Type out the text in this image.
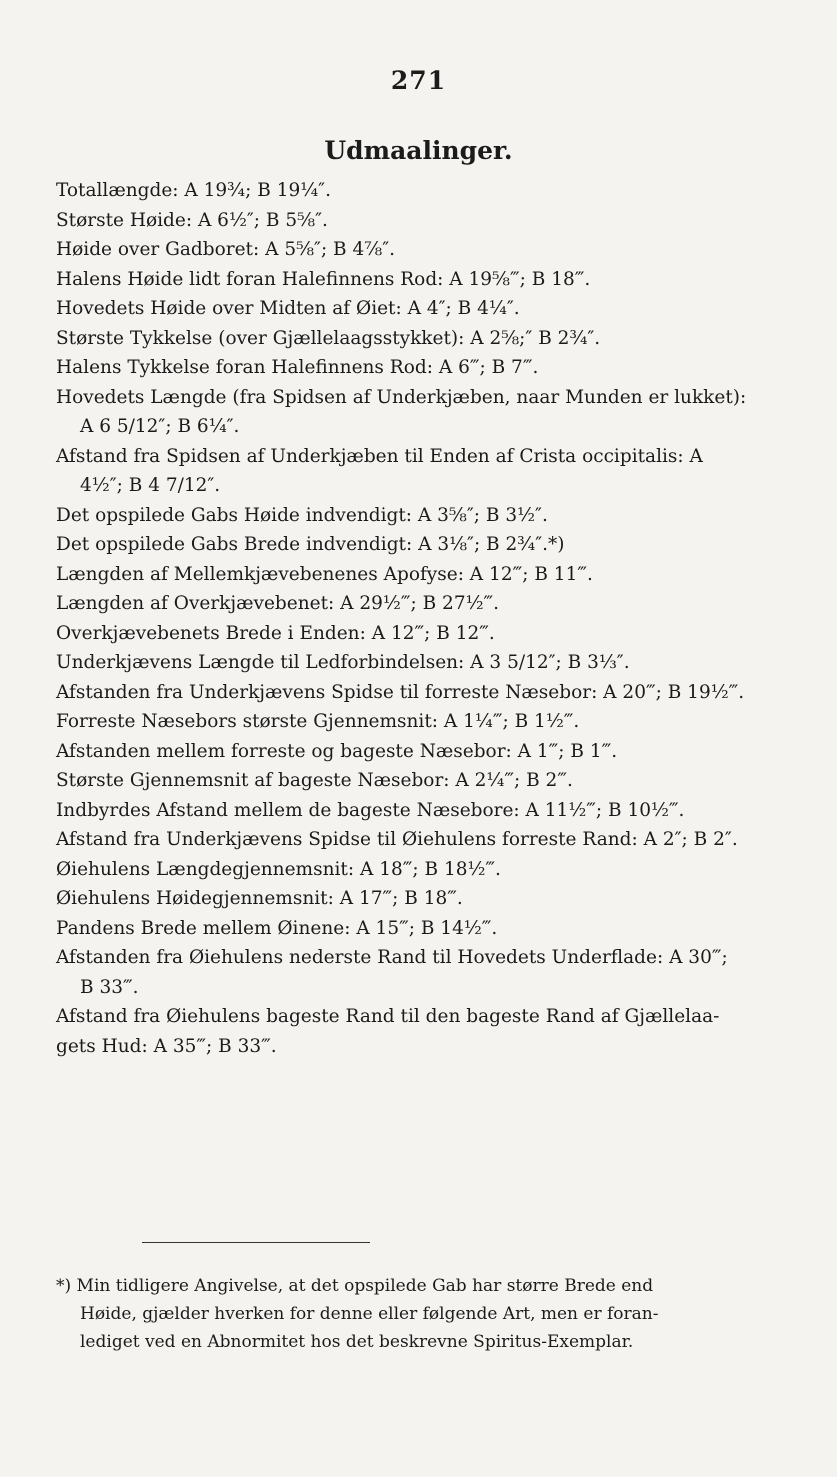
271
Udmaalinger.
Totallængde: A 19¾; B 19¼″.
Største Høide: A 6½″; B 5⅝″.
Høide over Gadboret: A 5⅝″; B 4⅞″.
Halens Høide lidt foran Halefinnens Rod: A 19⅝‴; B 18‴.
Hovedets Høide over Midten af Øiet: A 4″; B 4¼″.
Største Tykkelse (over Gjællelaagsstykket): A 2⅝;″ B 2¾″.
Halens Tykkelse foran Halefinnens Rod: A 6‴; B 7‴.
Hovedets Længde (fra Spidsen af Underkjæben, naar Munden er lukket):
A 6 5/12″; B 6¼″.
Afstand fra Spidsen af Underkjæben til Enden af Crista occipitalis: A
4½″; B 4 7/12″.
Det opspilede Gabs Høide indvendigt: A 3⅝″; B 3½″.
Det opspilede Gabs Brede indvendigt: A 3⅛″; B 2¾″.*)
Længden af Mellemkjævebenenes Apofyse: A 12‴; B 11‴.
Længden af Overkjævebenet: A 29½‴; B 27½‴.
Overkjævebenets Brede i Enden: A 12‴; B 12‴.
Underkjævens Længde til Ledforbindelsen: A 3 5/12″; B 3⅓″.
Afstanden fra Underkjævens Spidse til forreste Næsebor: A 20‴; B 19½‴.
Forreste Næsebors største Gjennemsnit: A 1¼‴; B 1½‴.
Afstanden mellem forreste og bageste Næsebor: A 1‴; B 1‴.
Største Gjennemsnit af bageste Næsebor: A 2¼‴; B 2‴.
Indbyrdes Afstand mellem de bageste Næsebore: A 11½‴; B 10½‴.
Afstand fra Underkjævens Spidse til Øiehulens forreste Rand: A 2″; B 2″.
Øiehulens Længdegjennemsnit: A 18‴; B 18½‴.
Øiehulens Høidegjennemsnit: A 17‴; B 18‴.
Pandens Brede mellem Øinene: A 15‴; B 14½‴.
Afstanden fra Øiehulens nederste Rand til Hovedets Underflade: A 30‴;
B 33‴.
Afstand fra Øiehulens bageste Rand til den bageste Rand af Gjællelaa-
gets Hud: A 35‴; B 33‴.
*) Min tidligere Angivelse, at det opspilede Gab har større Brede end
Høide, gjælder hverken for denne eller følgende Art, men er foran-
lediget ved en Abnormitet hos det beskrevne Spiritus-Exemplar.
